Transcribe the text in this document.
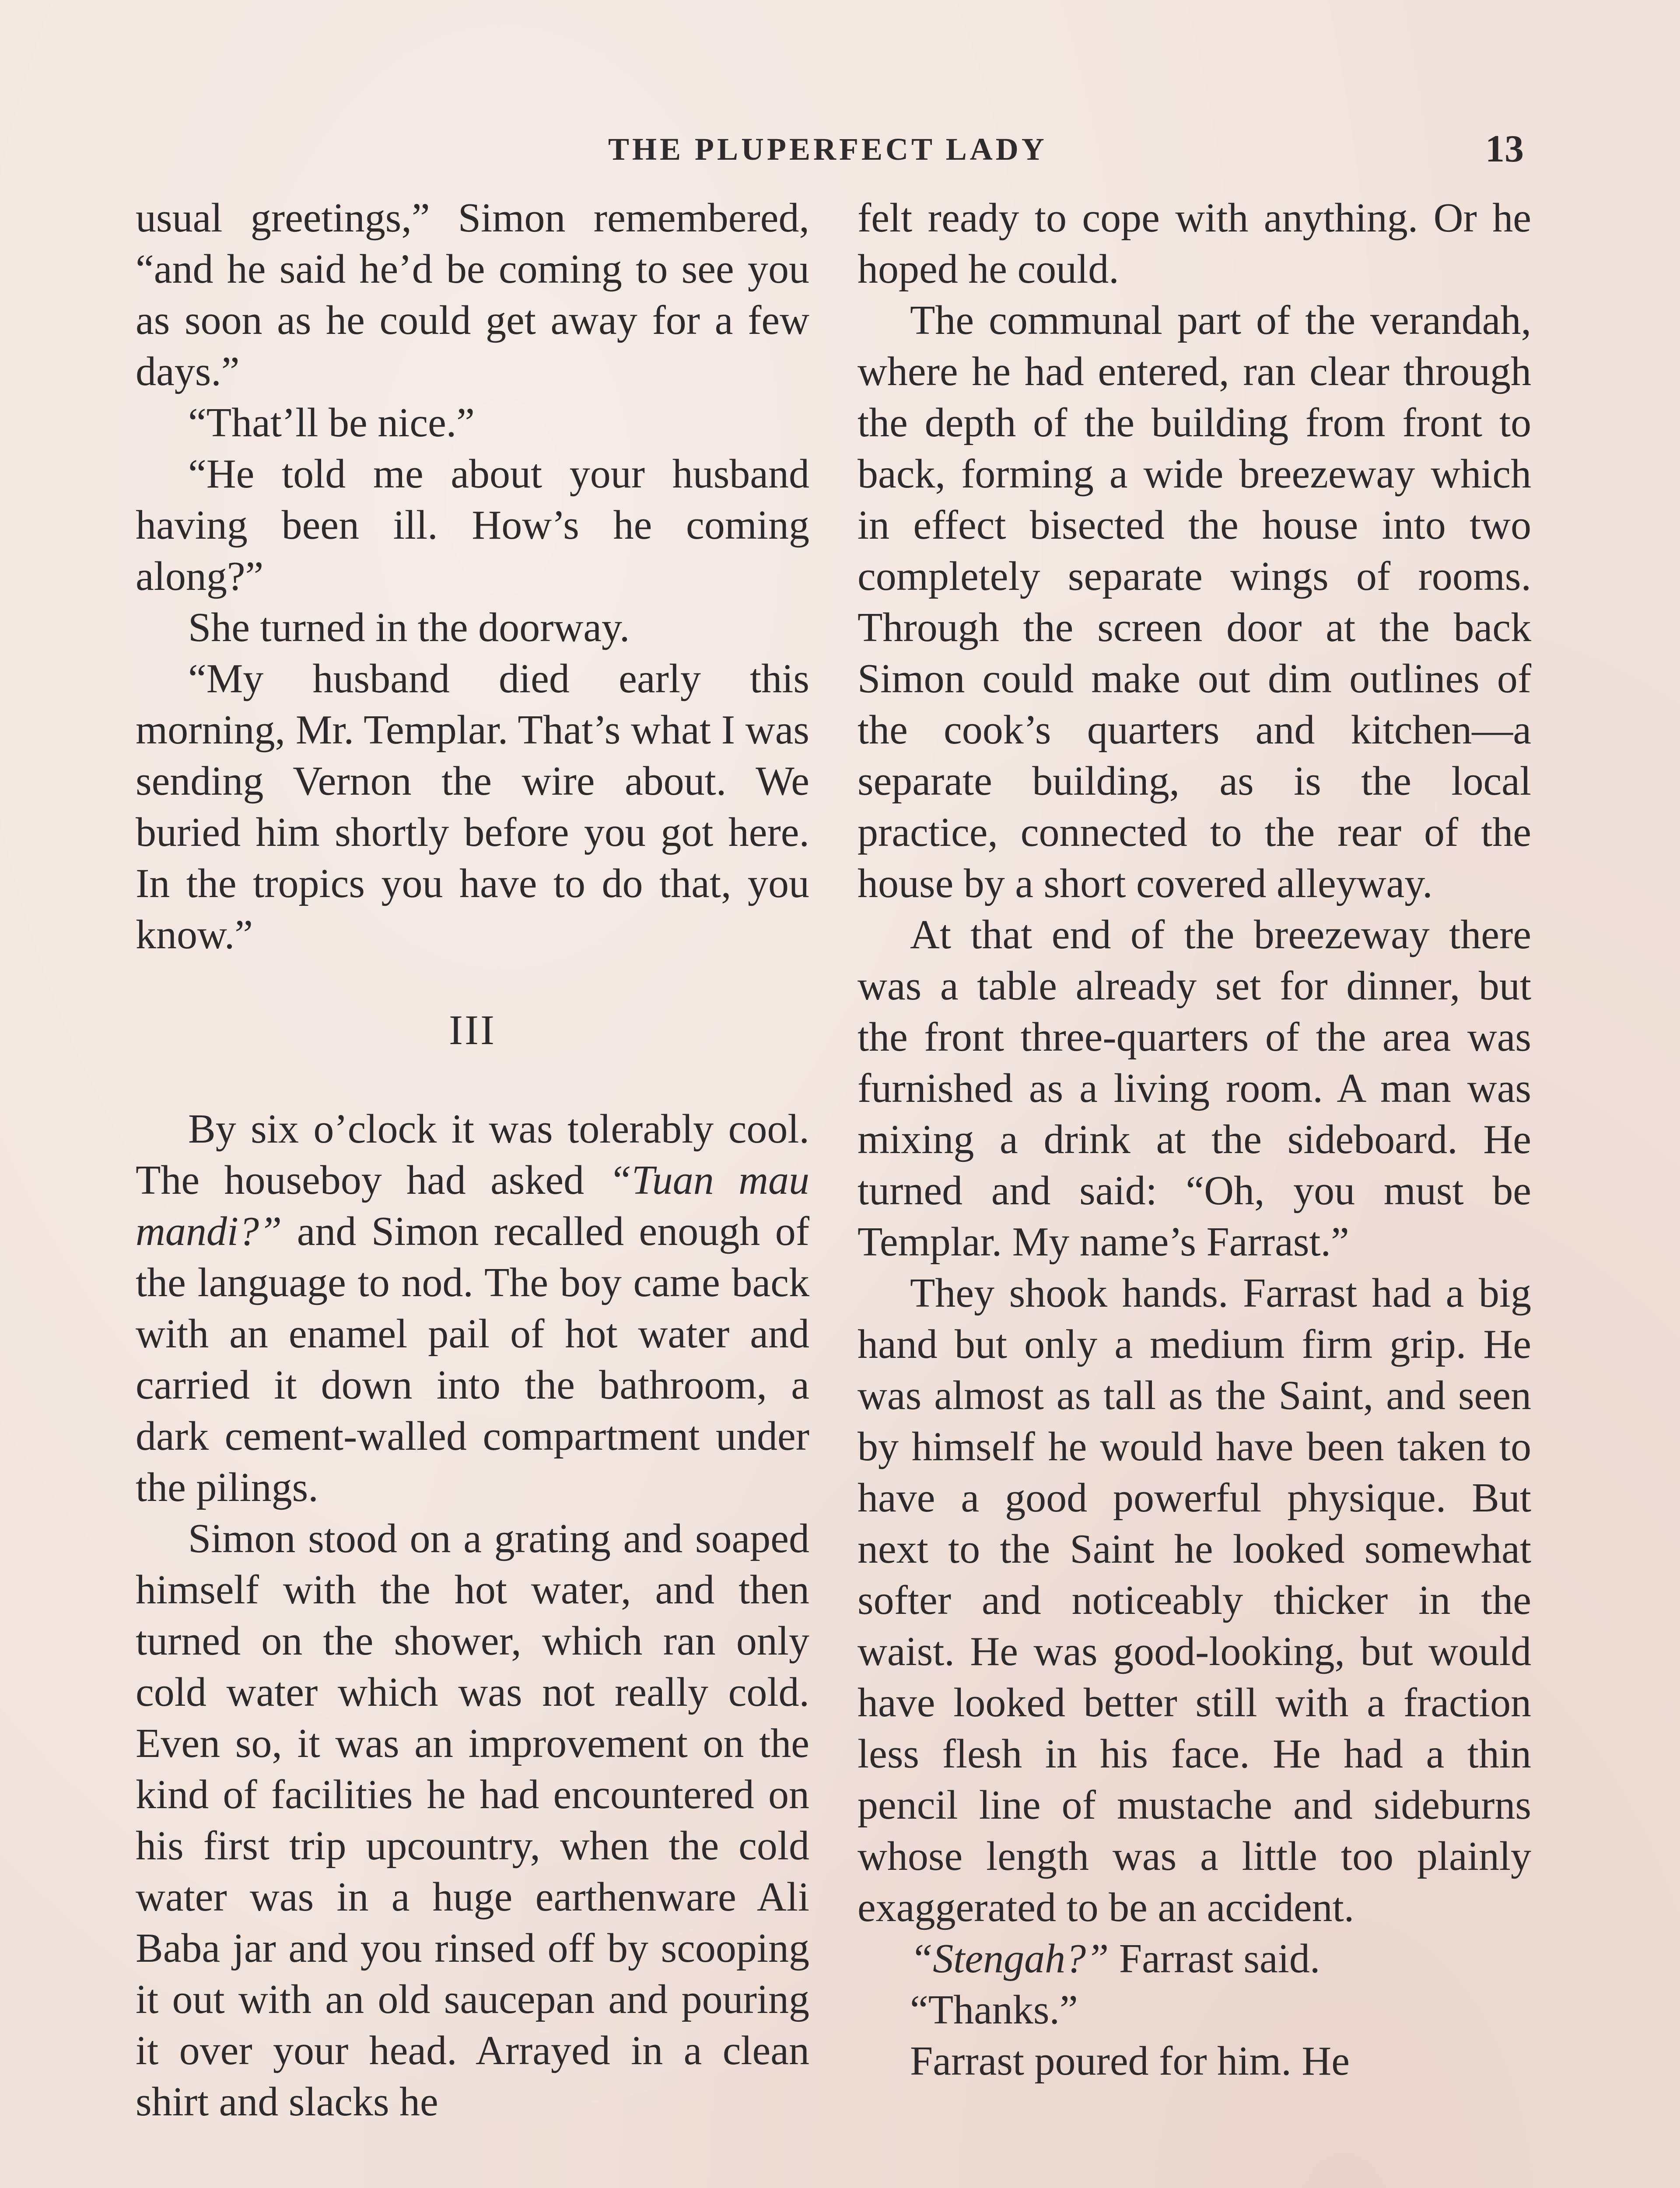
THE PLUPERFECT LADY	13

usual greetings,” Simon remembered, “and he said he’d be coming to see you as soon as he could get away for a few days.”

“That’ll be nice.”

“He told me about your husband having been ill. How’s he coming along?”

She turned in the doorway.

“My husband died early this morning, Mr. Templar. That’s what I was sending Vernon the wire about. We buried him shortly before you got here. In the tropics you have to do that, you know.”

III

By six o’clock it was tolerably cool. The houseboy had asked “Tuan mau mandi?” and Simon recalled enough of the language to nod. The boy came back with an enamel pail of hot water and carried it down into the bathroom, a dark cement-walled compartment under the pilings.

Simon stood on a grating and soaped himself with the hot water, and then turned on the shower, which ran only cold water which was not really cold. Even so, it was an improvement on the kind of facilities he had encountered on his first trip upcountry, when the cold water was in a huge earthenware Ali Baba jar and you rinsed off by scooping it out with an old saucepan and pouring it over your head. Arrayed in a clean shirt and slacks he

felt ready to cope with anything. Or he hoped he could.

The communal part of the verandah, where he had entered, ran clear through the depth of the building from front to back, forming a wide breezeway which in effect bisected the house into two completely separate wings of rooms. Through the screen door at the back Simon could make out dim outlines of the cook’s quarters and kitchen—a separate building, as is the local practice, connected to the rear of the house by a short covered alleyway.

At that end of the breezeway there was a table already set for dinner, but the front three-quarters of the area was furnished as a living room. A man was mixing a drink at the sideboard. He turned and said: “Oh, you must be Templar. My name’s Farrast.”

They shook hands. Farrast had a big hand but only a medium firm grip. He was almost as tall as the Saint, and seen by himself he would have been taken to have a good powerful physique. But next to the Saint he looked somewhat softer and noticeably thicker in the waist. He was good-looking, but would have looked better still with a fraction less flesh in his face. He had a thin pencil line of mustache and sideburns whose length was a little too plainly exaggerated to be an accident.

“Stengah?” Farrast said.

“Thanks.”

Farrast poured for him. He
